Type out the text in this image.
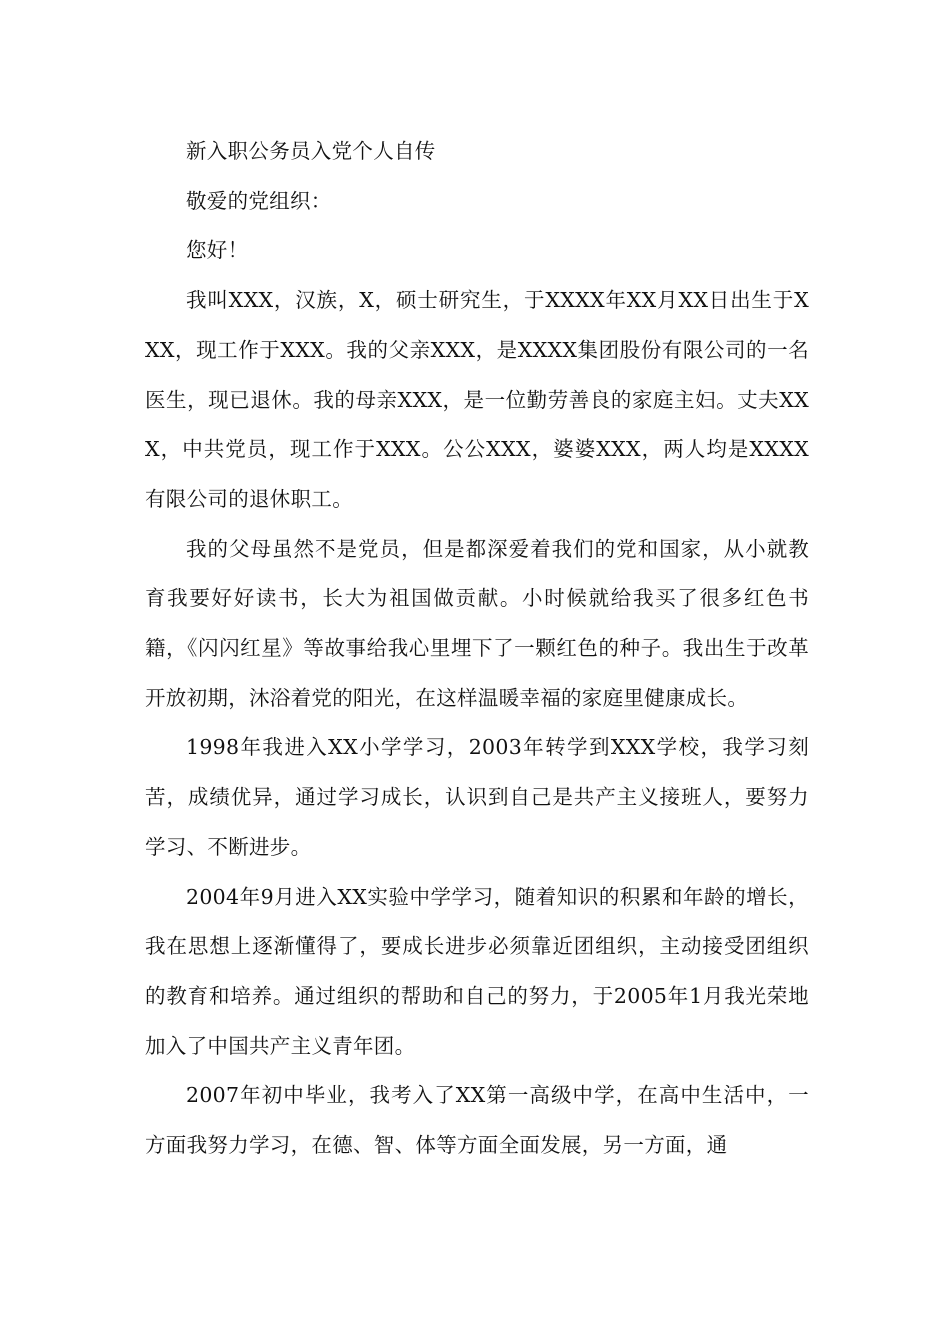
新入职公务员入党个人自传

敬爱的党组织：

您好！

我叫XXX，汉族，X，硕士研究生，于XXXX年XX月XX日出生于XXX，现工作于XXX。我的父亲XXX，是XXXX集团股份有限公司的一名医生，现已退休。我的母亲XXX，是一位勤劳善良的家庭主妇。丈夫XXX，中共党员，现工作于XXX。公公XXX，婆婆XXX，两人均是XXXX有限公司的退休职工。

我的父母虽然不是党员，但是都深爱着我们的党和国家，从小就教育我要好好读书，长大为祖国做贡献。小时候就给我买了很多红色书籍，《闪闪红星》等故事给我心里埋下了一颗红色的种子。我出生于改革开放初期，沐浴着党的阳光，在这样温暖幸福的家庭里健康成长。

1998年我进入XX小学学习，2003年转学到XXX学校，我学习刻苦，成绩优异，通过学习成长，认识到自己是共产主义接班人，要努力学习、不断进步。

2004年9月进入XX实验中学学习，随着知识的积累和年龄的增长，我在思想上逐渐懂得了，要成长进步必须靠近团组织，主动接受团组织的教育和培养。通过组织的帮助和自己的努力，于2005年1月我光荣地加入了中国共产主义青年团。

2007年初中毕业，我考入了XX第一高级中学，在高中生活中，一方面我努力学习，在德、智、体等方面全面发展，另一方面，通
